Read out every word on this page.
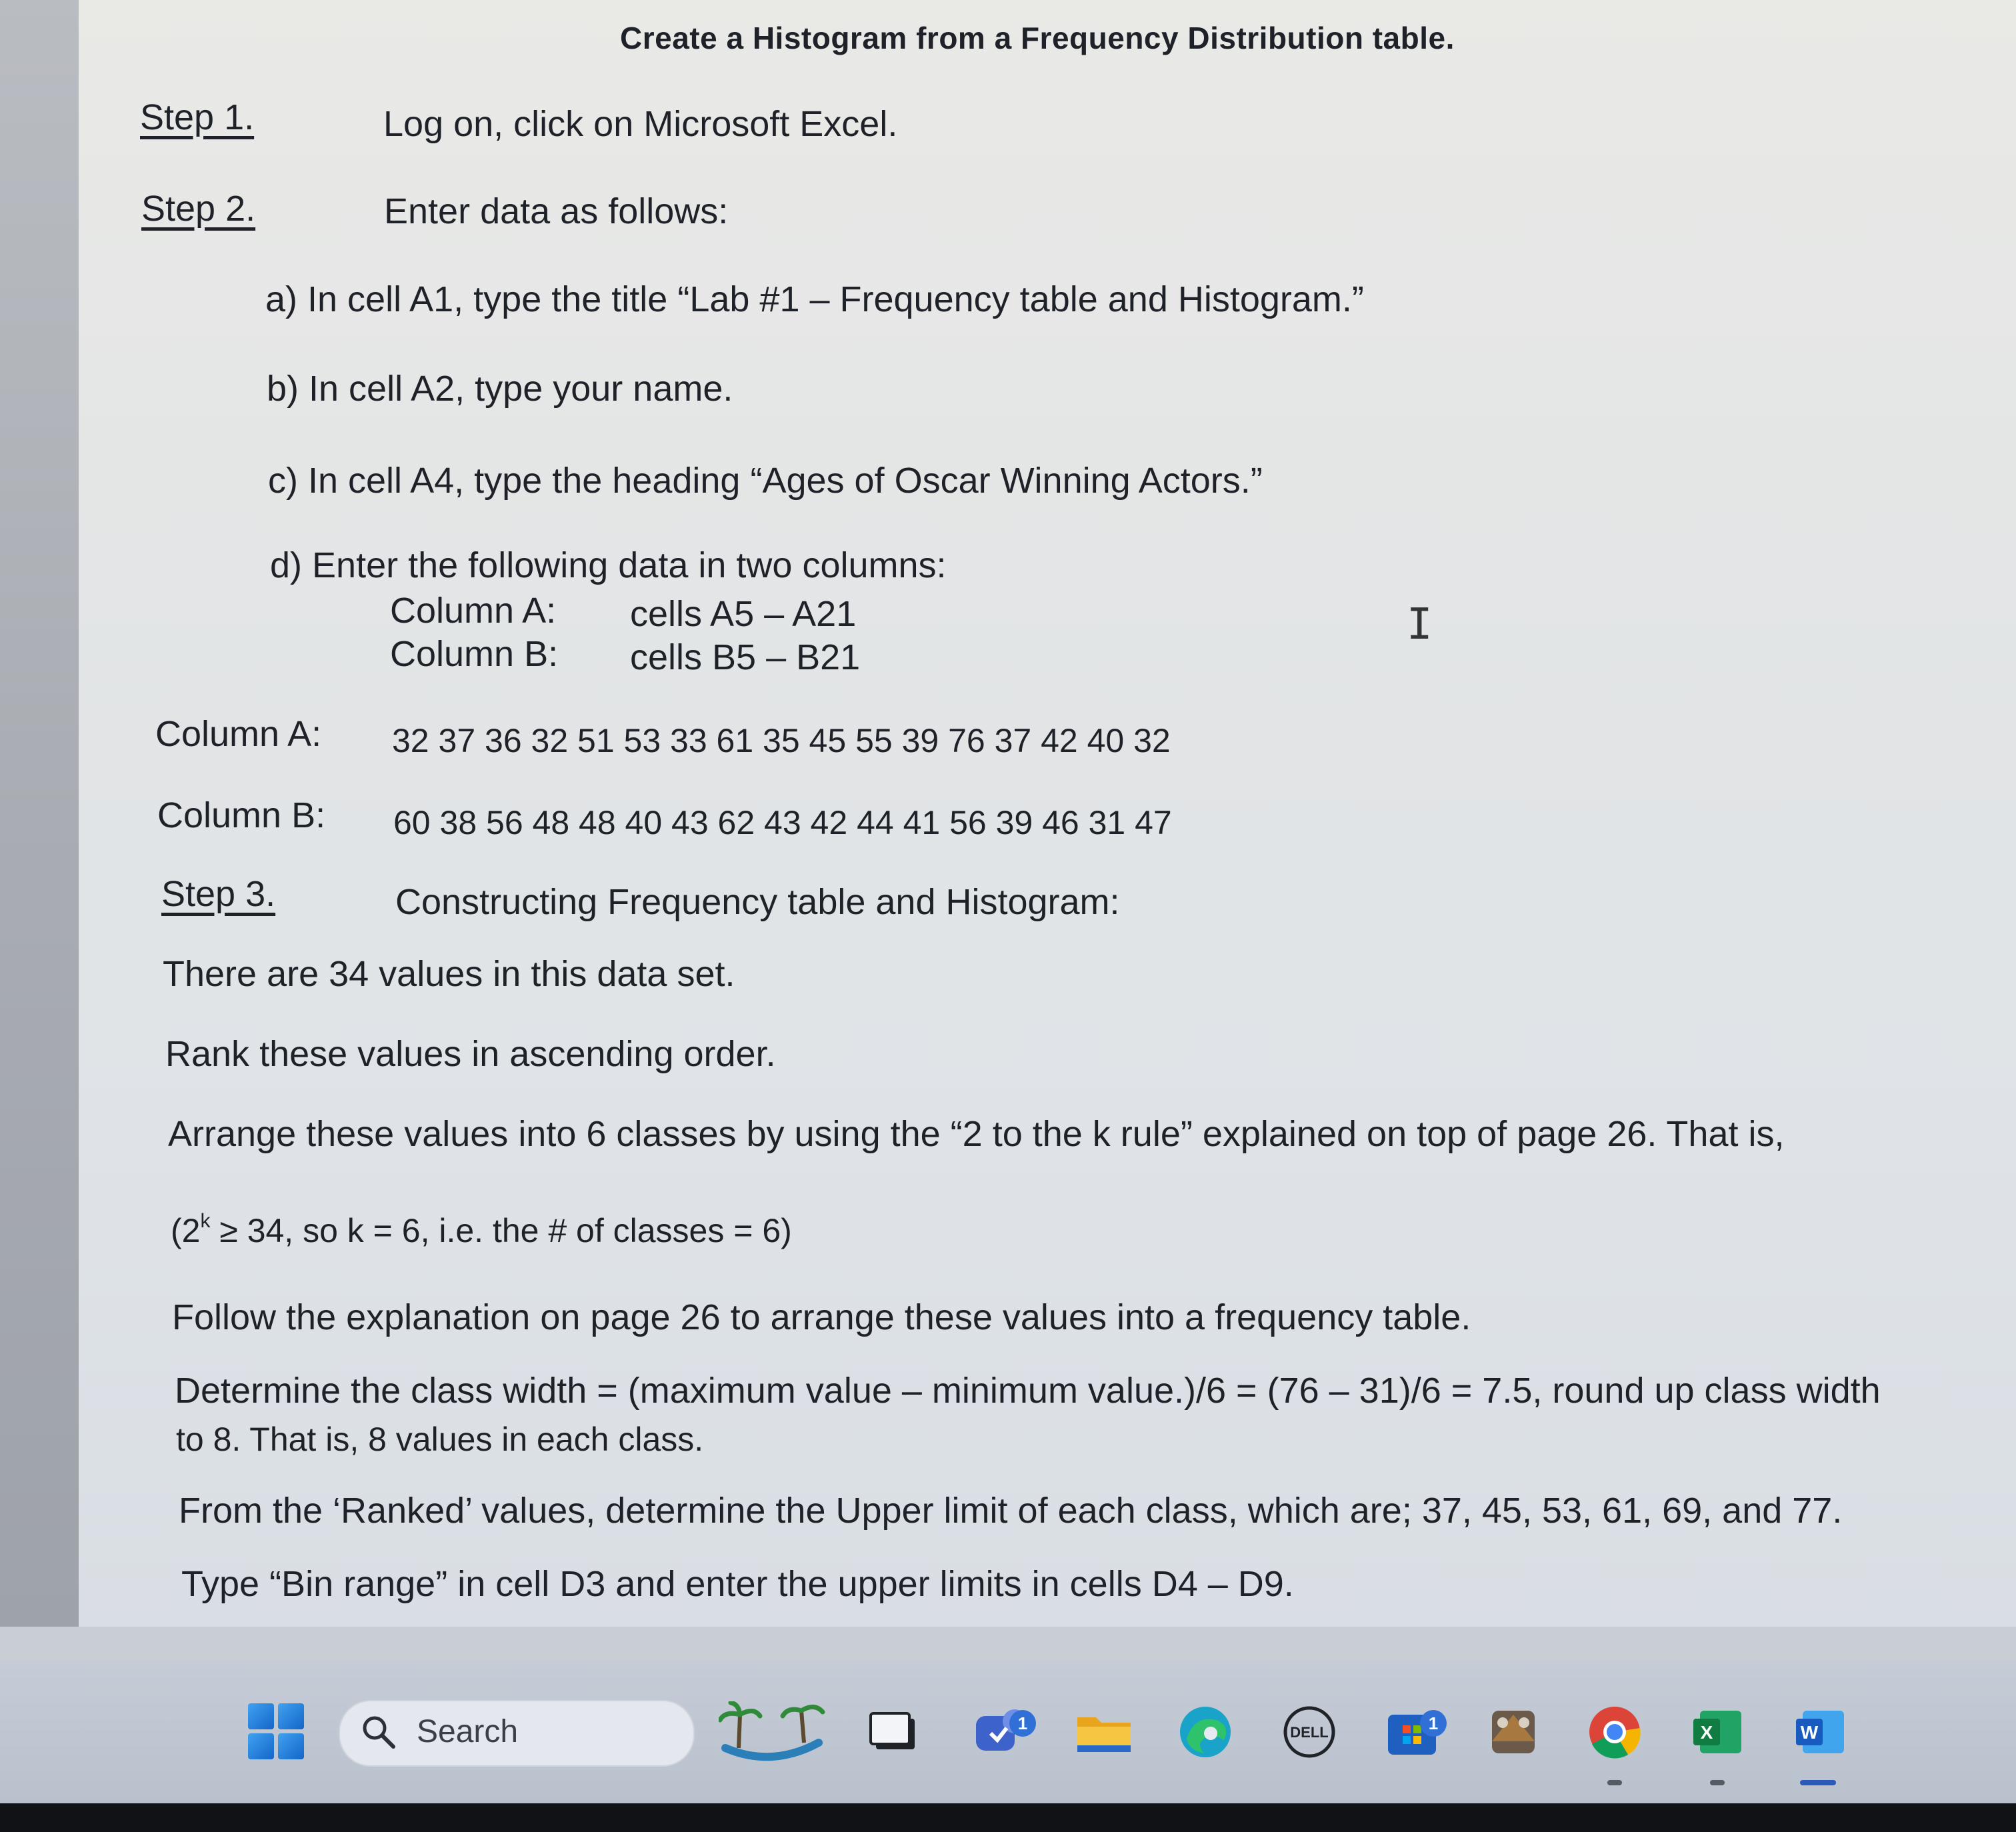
Create a Histogram from a Frequency Distribution table.
Step 1.	Log on, click on Microsoft Excel.
Step 2.	Enter data as follows:
a) In cell A1, type the title “Lab #1 – Frequency table and Histogram.”
b) In cell A2, type your name.
c) In cell A4, type the heading “Ages of Oscar Winning Actors.”
d) Enter the following data in two columns:
Column A: cells A5 – A21
Column B: cells B5 – B21
I
Column A: 32 37 36 32 51 53 33 61 35 45 55 39 76 37 42 40 32
Column B: 60 38 56 48 48 40 43 62 43 42 44 41 56 39 46 31 47
Step 3.	Constructing Frequency table and Histogram:
There are 34 values in this data set.
Rank these values in ascending order.
Arrange these values into 6 classes by using the “2 to the k rule” explained on top of page 26. That is,
($2^k \ge 34$, so k = 6, i.e. the # of classes = 6)
Follow the explanation on page 26 to arrange these values into a frequency table.
Determine the class width = (maximum value – minimum value.)/6 = (76 – 31)/6 = 7.5, round up class width
to 8. That is, 8 values in each class.
From the ‘Ranked’ values, determine the Upper limit of each class, which are; 37, 45, 53, 61, 69, and 77.
Type “Bin range” in cell D3 and enter the upper limits in cells D4 – D9.
Search	1	DELL	1	X	W
